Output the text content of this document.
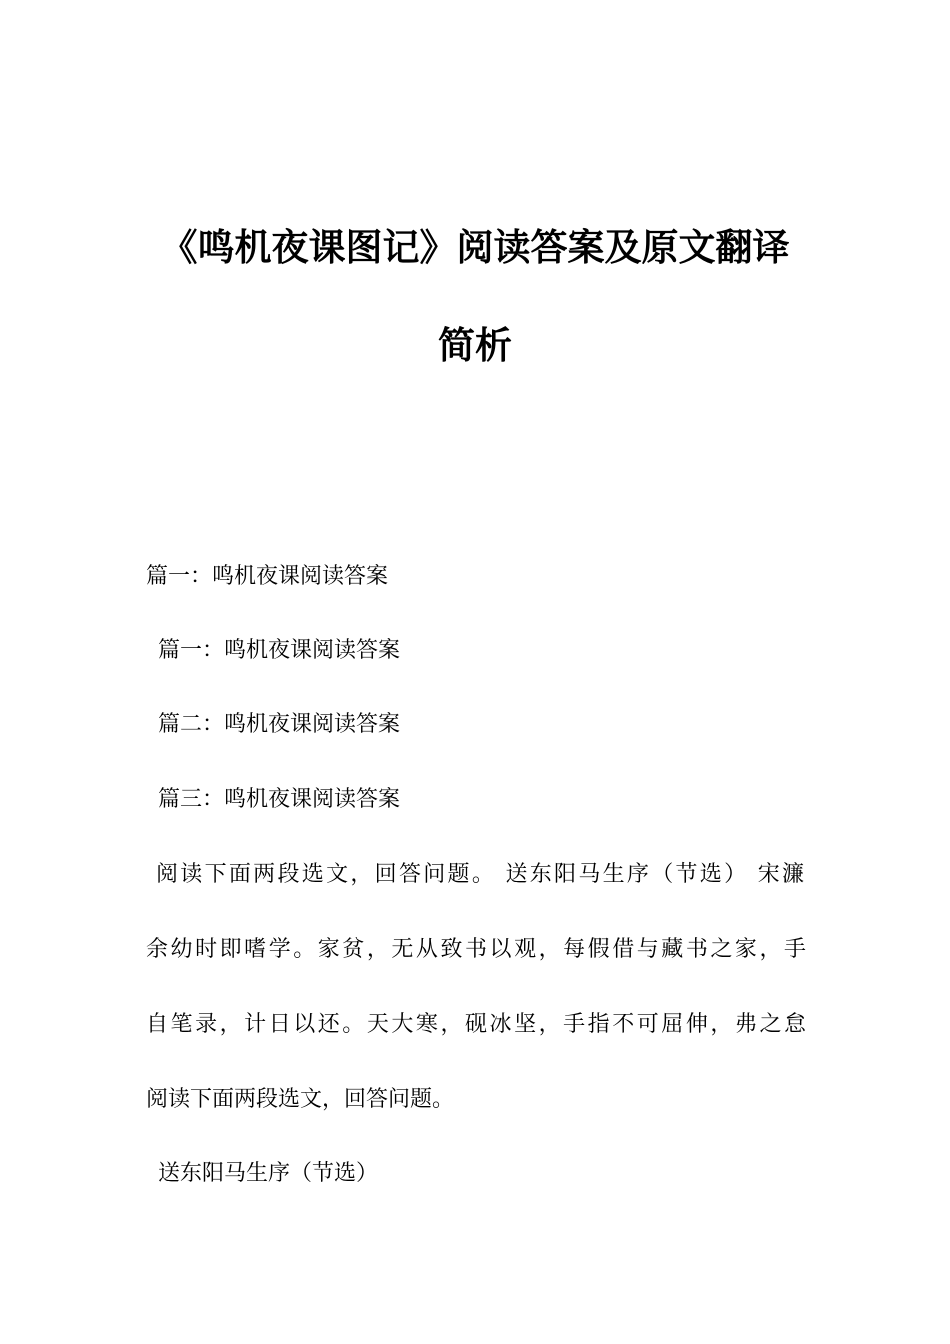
《鸣机夜课图记》阅读答案及原文翻译
简析
篇一：鸣机夜课阅读答案
篇一：鸣机夜课阅读答案
篇二：鸣机夜课阅读答案
篇三：鸣机夜课阅读答案
阅读下面两段选文，回答问题。 送东阳马生序（节选） 宋濂
余幼时即嗜学。家贫，无从致书以观，每假借与藏书之家，手
自笔录，计日以还。天大寒，砚冰坚，手指不可屈伸，弗之怠
阅读下面两段选文，回答问题。
送东阳马生序（节选）
